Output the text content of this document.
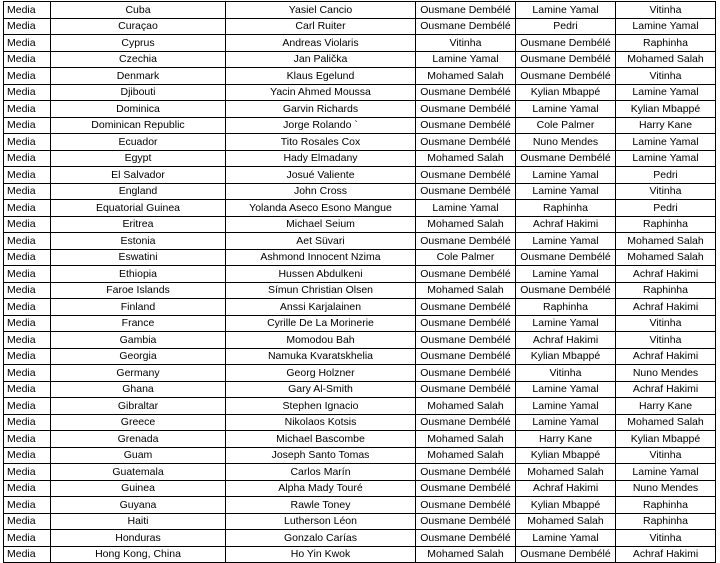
Media	Cuba	Yasiel Cancio	Ousmane Dembélé	Lamine Yamal	Vitinha
Media	Curaçao	Carl Ruiter	Ousmane Dembélé	Pedri	Lamine Yamal
Media	Cyprus	Andreas Violaris	Vitinha	Ousmane Dembélé	Raphinha
Media	Czechia	Jan Palička	Lamine Yamal	Ousmane Dembélé	Mohamed Salah
Media	Denmark	Klaus Egelund	Mohamed Salah	Ousmane Dembélé	Vitinha
Media	Djibouti	Yacin Ahmed Moussa	Ousmane Dembélé	Kylian Mbappé	Lamine Yamal
Media	Dominica	Garvin Richards	Ousmane Dembélé	Lamine Yamal	Kylian Mbappé
Media	Dominican Republic	Jorge Rolando `	Ousmane Dembélé	Cole Palmer	Harry Kane
Media	Ecuador	Tito Rosales Cox	Ousmane Dembélé	Nuno Mendes	Lamine Yamal
Media	Egypt	Hady Elmadany	Mohamed Salah	Ousmane Dembélé	Lamine Yamal
Media	El Salvador	Josué Valiente	Ousmane Dembélé	Lamine Yamal	Pedri
Media	England	John Cross	Ousmane Dembélé	Lamine Yamal	Vitinha
Media	Equatorial Guinea	Yolanda Aseco Esono Mangue	Lamine Yamal	Raphinha	Pedri
Media	Eritrea	Michael Seium	Mohamed Salah	Achraf Hakimi	Raphinha
Media	Estonia	Aet Süvari	Ousmane Dembélé	Lamine Yamal	Mohamed Salah
Media	Eswatini	Ashmond Innocent Nzima	Cole Palmer	Ousmane Dembélé	Mohamed Salah
Media	Ethiopia	Hussen Abdulkeni	Ousmane Dembélé	Lamine Yamal	Achraf Hakimi
Media	Faroe Islands	Símun Christian Olsen	Mohamed Salah	Ousmane Dembélé	Raphinha
Media	Finland	Anssi Karjalainen	Ousmane Dembélé	Raphinha	Achraf Hakimi
Media	France	Cyrille De La Morinerie	Ousmane Dembélé	Lamine Yamal	Vitinha
Media	Gambia	Momodou Bah	Ousmane Dembélé	Achraf Hakimi	Vitinha
Media	Georgia	Namuka Kvaratskhelia	Ousmane Dembélé	Kylian Mbappé	Achraf Hakimi
Media	Germany	Georg Holzner	Ousmane Dembélé	Vitinha	Nuno Mendes
Media	Ghana	Gary Al-Smith	Ousmane Dembélé	Lamine Yamal	Achraf Hakimi
Media	Gibraltar	Stephen Ignacio	Mohamed Salah	Lamine Yamal	Harry Kane
Media	Greece	Nikolaos Kotsis	Ousmane Dembélé	Lamine Yamal	Mohamed Salah
Media	Grenada	Michael Bascombe	Mohamed Salah	Harry Kane	Kylian Mbappé
Media	Guam	Joseph Santo Tomas	Mohamed Salah	Kylian Mbappé	Vitinha
Media	Guatemala	Carlos Marín	Ousmane Dembélé	Mohamed Salah	Lamine Yamal
Media	Guinea	Alpha Mady Touré	Ousmane Dembélé	Achraf Hakimi	Nuno Mendes
Media	Guyana	Rawle Toney	Ousmane Dembélé	Kylian Mbappé	Raphinha
Media	Haiti	Lutherson Léon	Ousmane Dembélé	Mohamed Salah	Raphinha
Media	Honduras	Gonzalo Carías	Ousmane Dembélé	Lamine Yamal	Vitinha
Media	Hong Kong, China	Ho Yin Kwok	Mohamed Salah	Ousmane Dembélé	Achraf Hakimi
